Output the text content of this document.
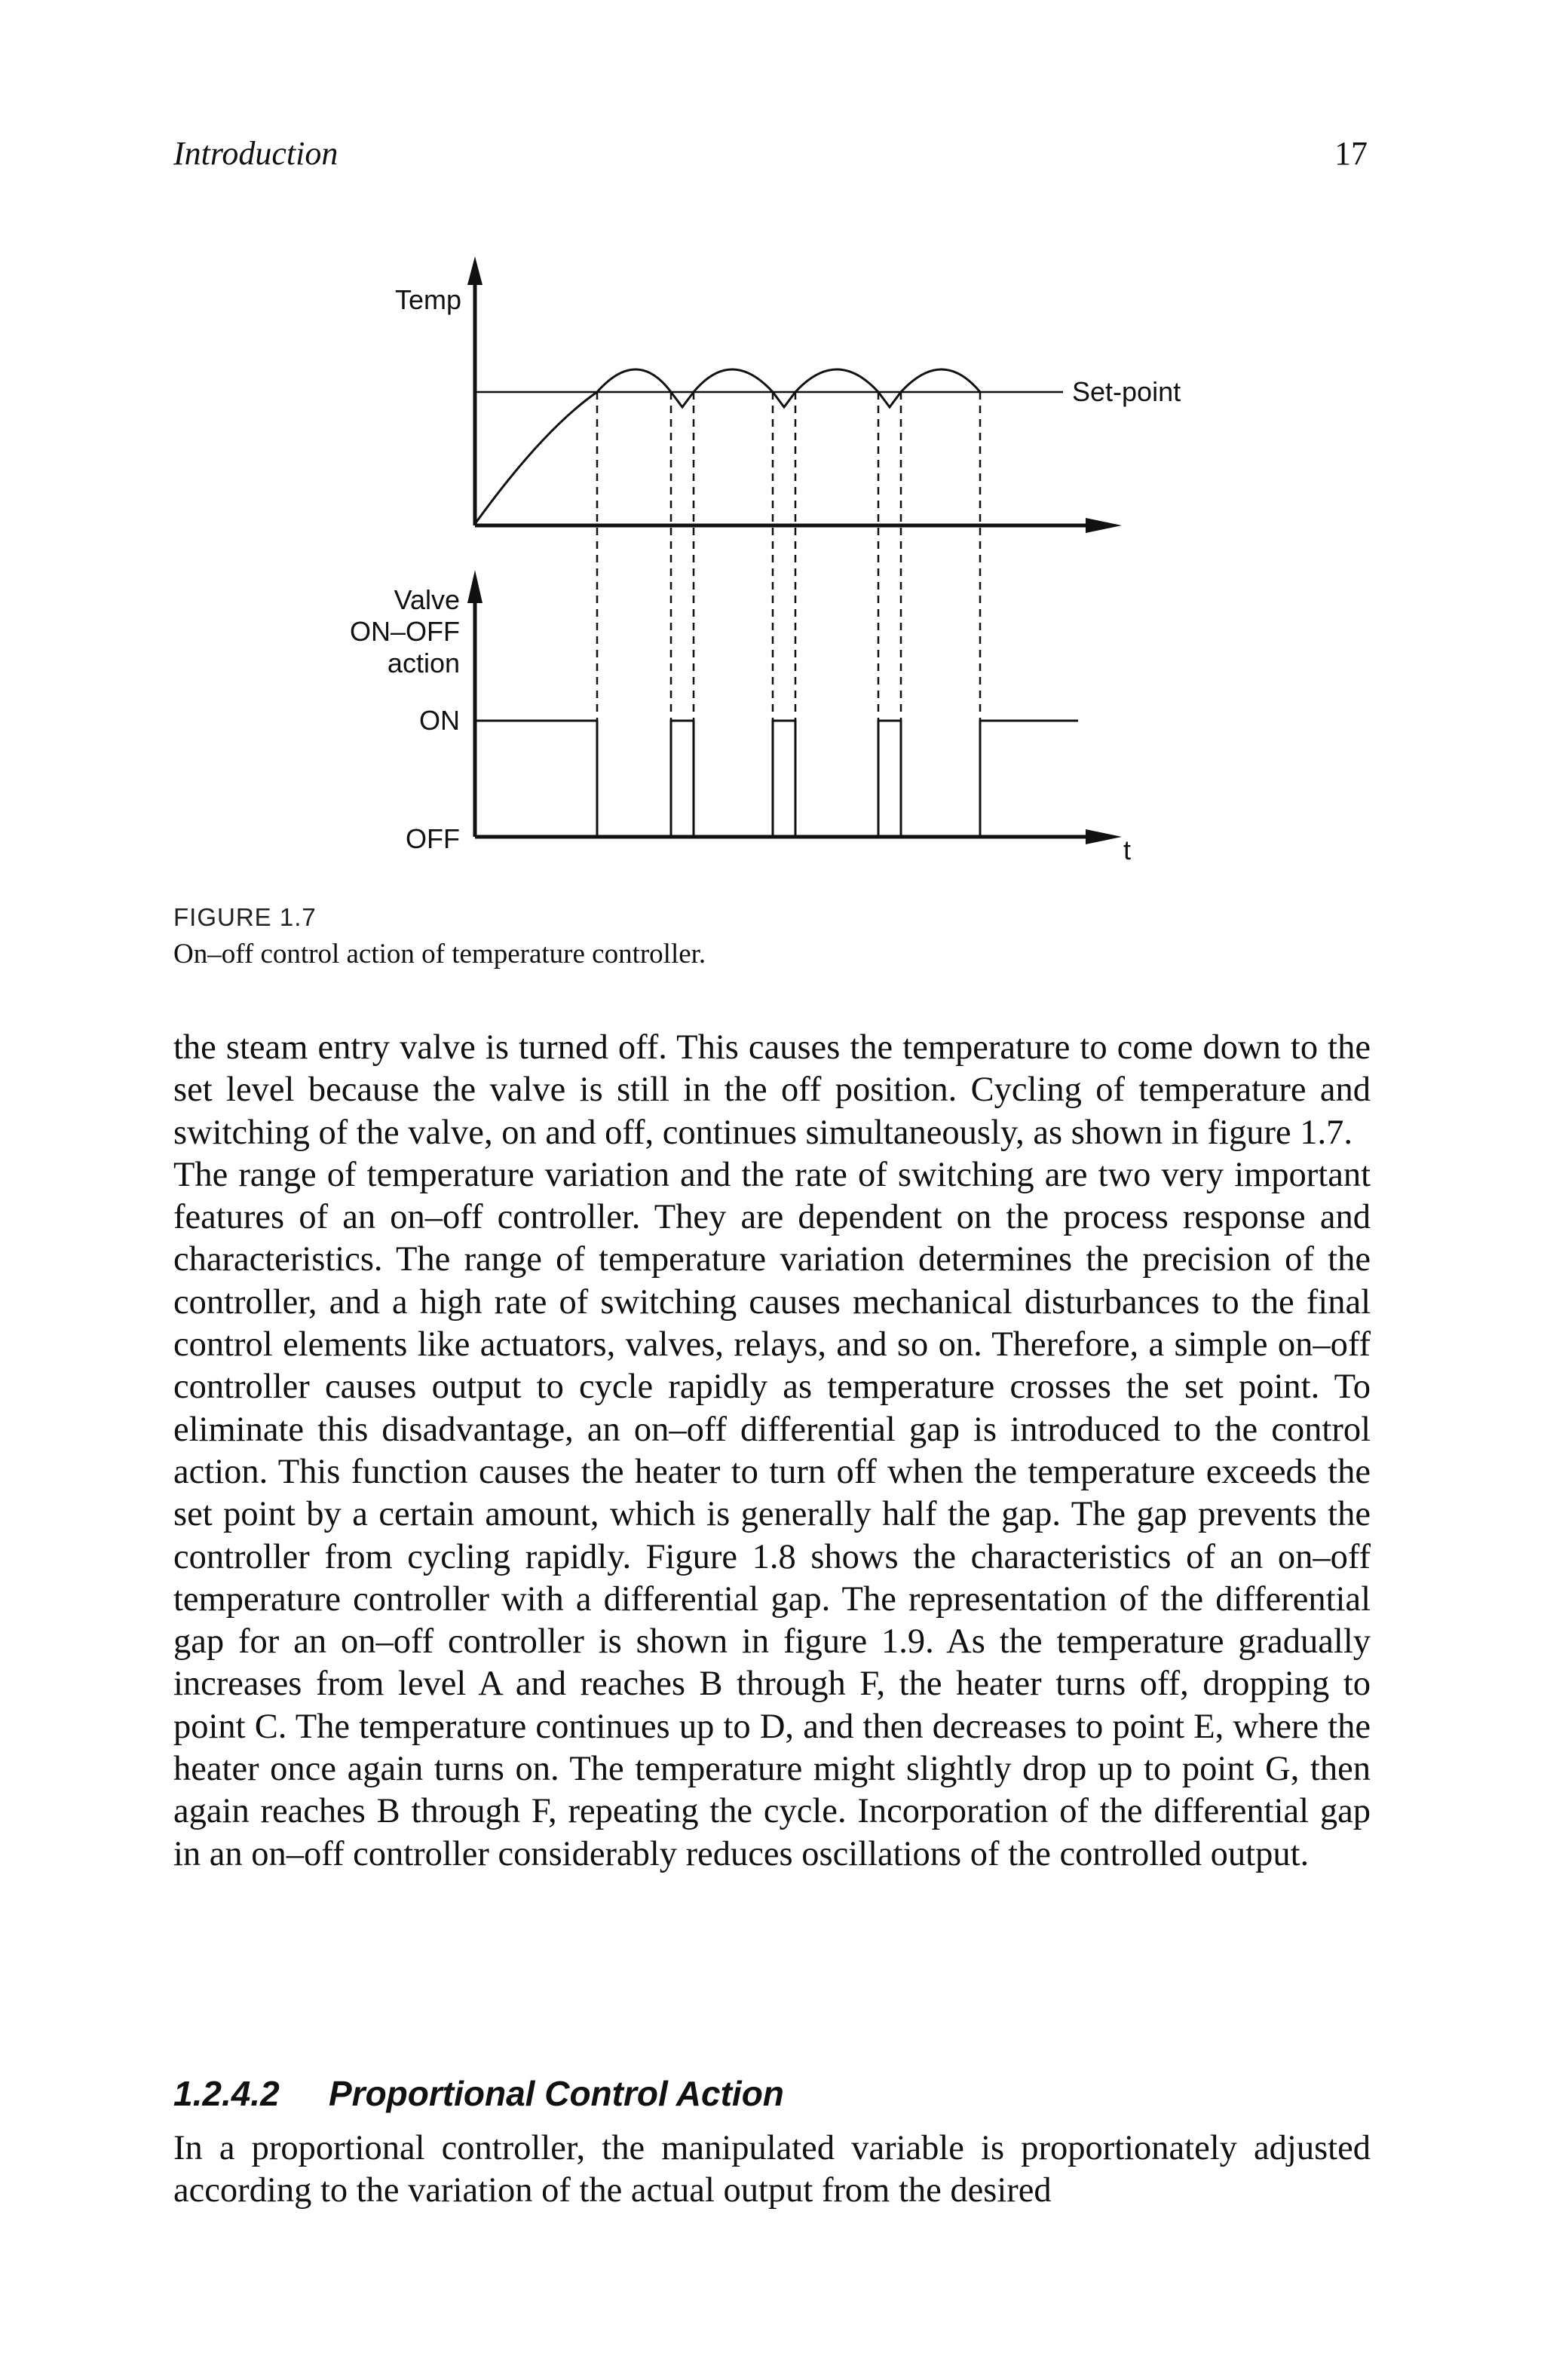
Introduction	17
Temp
Set-point
Valve
ON–OFF
action
ON
OFF	t
FIGURE 1.7
On–off control action of temperature controller.

the steam entry valve is turned off. This causes the temperature to come down to the set level because the valve is still in the off position. Cycling of temperature and switching of the valve, on and off, continues simultaneously, as shown in figure 1.7.

The range of temperature variation and the rate of switching are two very important features of an on–off controller. They are dependent on the process response and characteristics. The range of temperature variation determines the precision of the controller, and a high rate of switching causes mechanical disturbances to the final control elements like actuators, valves, relays, and so on. Therefore, a simple on–off controller causes output to cycle rapidly as temperature crosses the set point. To eliminate this disadvantage, an on–off differential gap is introduced to the control action. This function causes the heater to turn off when the temperature exceeds the set point by a certain amount, which is generally half the gap. The gap prevents the controller from cycling rapidly. Figure 1.8 shows the characteristics of an on–off temperature controller with a differential gap. The representation of the differential gap for an on–off controller is shown in figure 1.9. As the temperature gradually increases from level A and reaches B through F, the heater turns off, dropping to point C. The temperature continues up to D, and then decreases to point E, where the heater once again turns on. The temperature might slightly drop up to point G, then again reaches B through F, repeating the cycle. Incorporation of the differential gap in an on–off controller considerably reduces oscillations of the controlled output.

1.2.4.2 Proportional Control Action

In a proportional controller, the manipulated variable is proportionately adjusted according to the variation of the actual output from the desired
